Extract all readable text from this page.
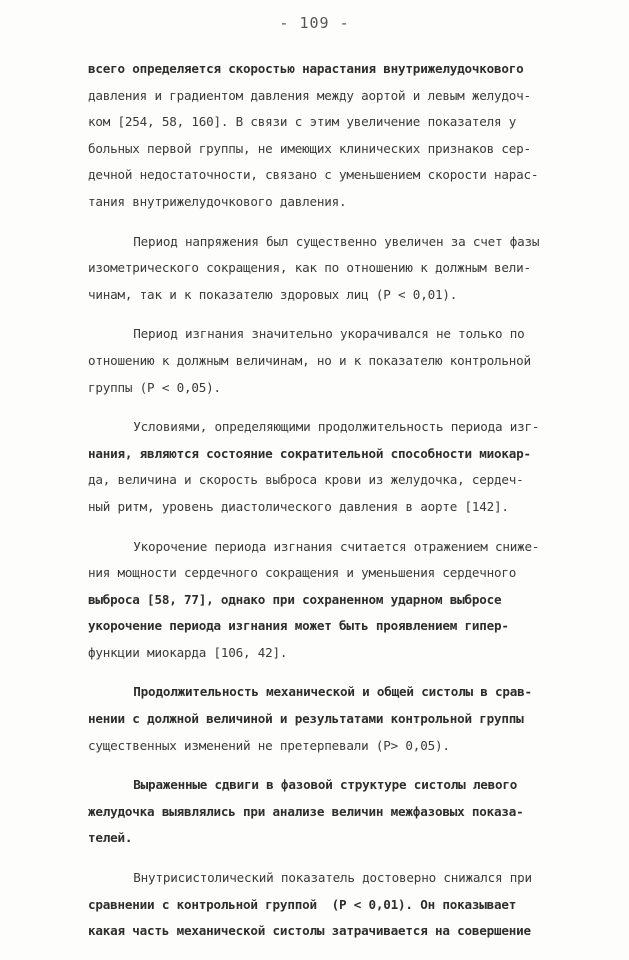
- 109 -
всего определяется скоростью нарастания внутрижелудочкового
давления и градиентом давления между аортой и левым желудоч-
ком [254, 58, 160]. В связи с этим увеличение показателя у
больных первой группы, не имеющих клинических признаков сер-
дечной недостаточности, связано с уменьшением скорости нарас-
тания внутрижелудочкового давления.
Период напряжения был существенно увеличен за счет фазы
изометрического сокращения, как по отношению к должным вели-
чинам, так и к показателю здоровых лиц (P < 0,01).
Период изгнания значительно укорачивался не только по
отношению к должным величинам, но и к показателю контрольной
группы (P < 0,05).
Условиями, определяющими продолжительность периода изг-
нания, являются состояние сократительной способности миокар-
да, величина и скорость выброса крови из желудочка, сердеч-
ный ритм, уровень диастолического давления в аорте [142].
Укорочение периода изгнания считается отражением сниже-
ния мощности сердечного сокращения и уменьшения сердечного
выброса [58, 77], однако при сохраненном ударном выбросе
укорочение периода изгнания может быть проявлением гипер-
функции миокарда [106, 42].
Продолжительность механической и общей систолы в срав-
нении с должной величиной и результатами контрольной группы
существенных изменений не претерпевали (P> 0,05).
Выраженные сдвиги в фазовой структуре систолы левого
желудочка выявлялись при анализе величин межфазовых показа-
телей.
Внутрисистолический показатель достоверно снижался при
сравнении с контрольной группой  (P < 0,01). Он показывает
какая часть механической систолы затрачивается на совершение
